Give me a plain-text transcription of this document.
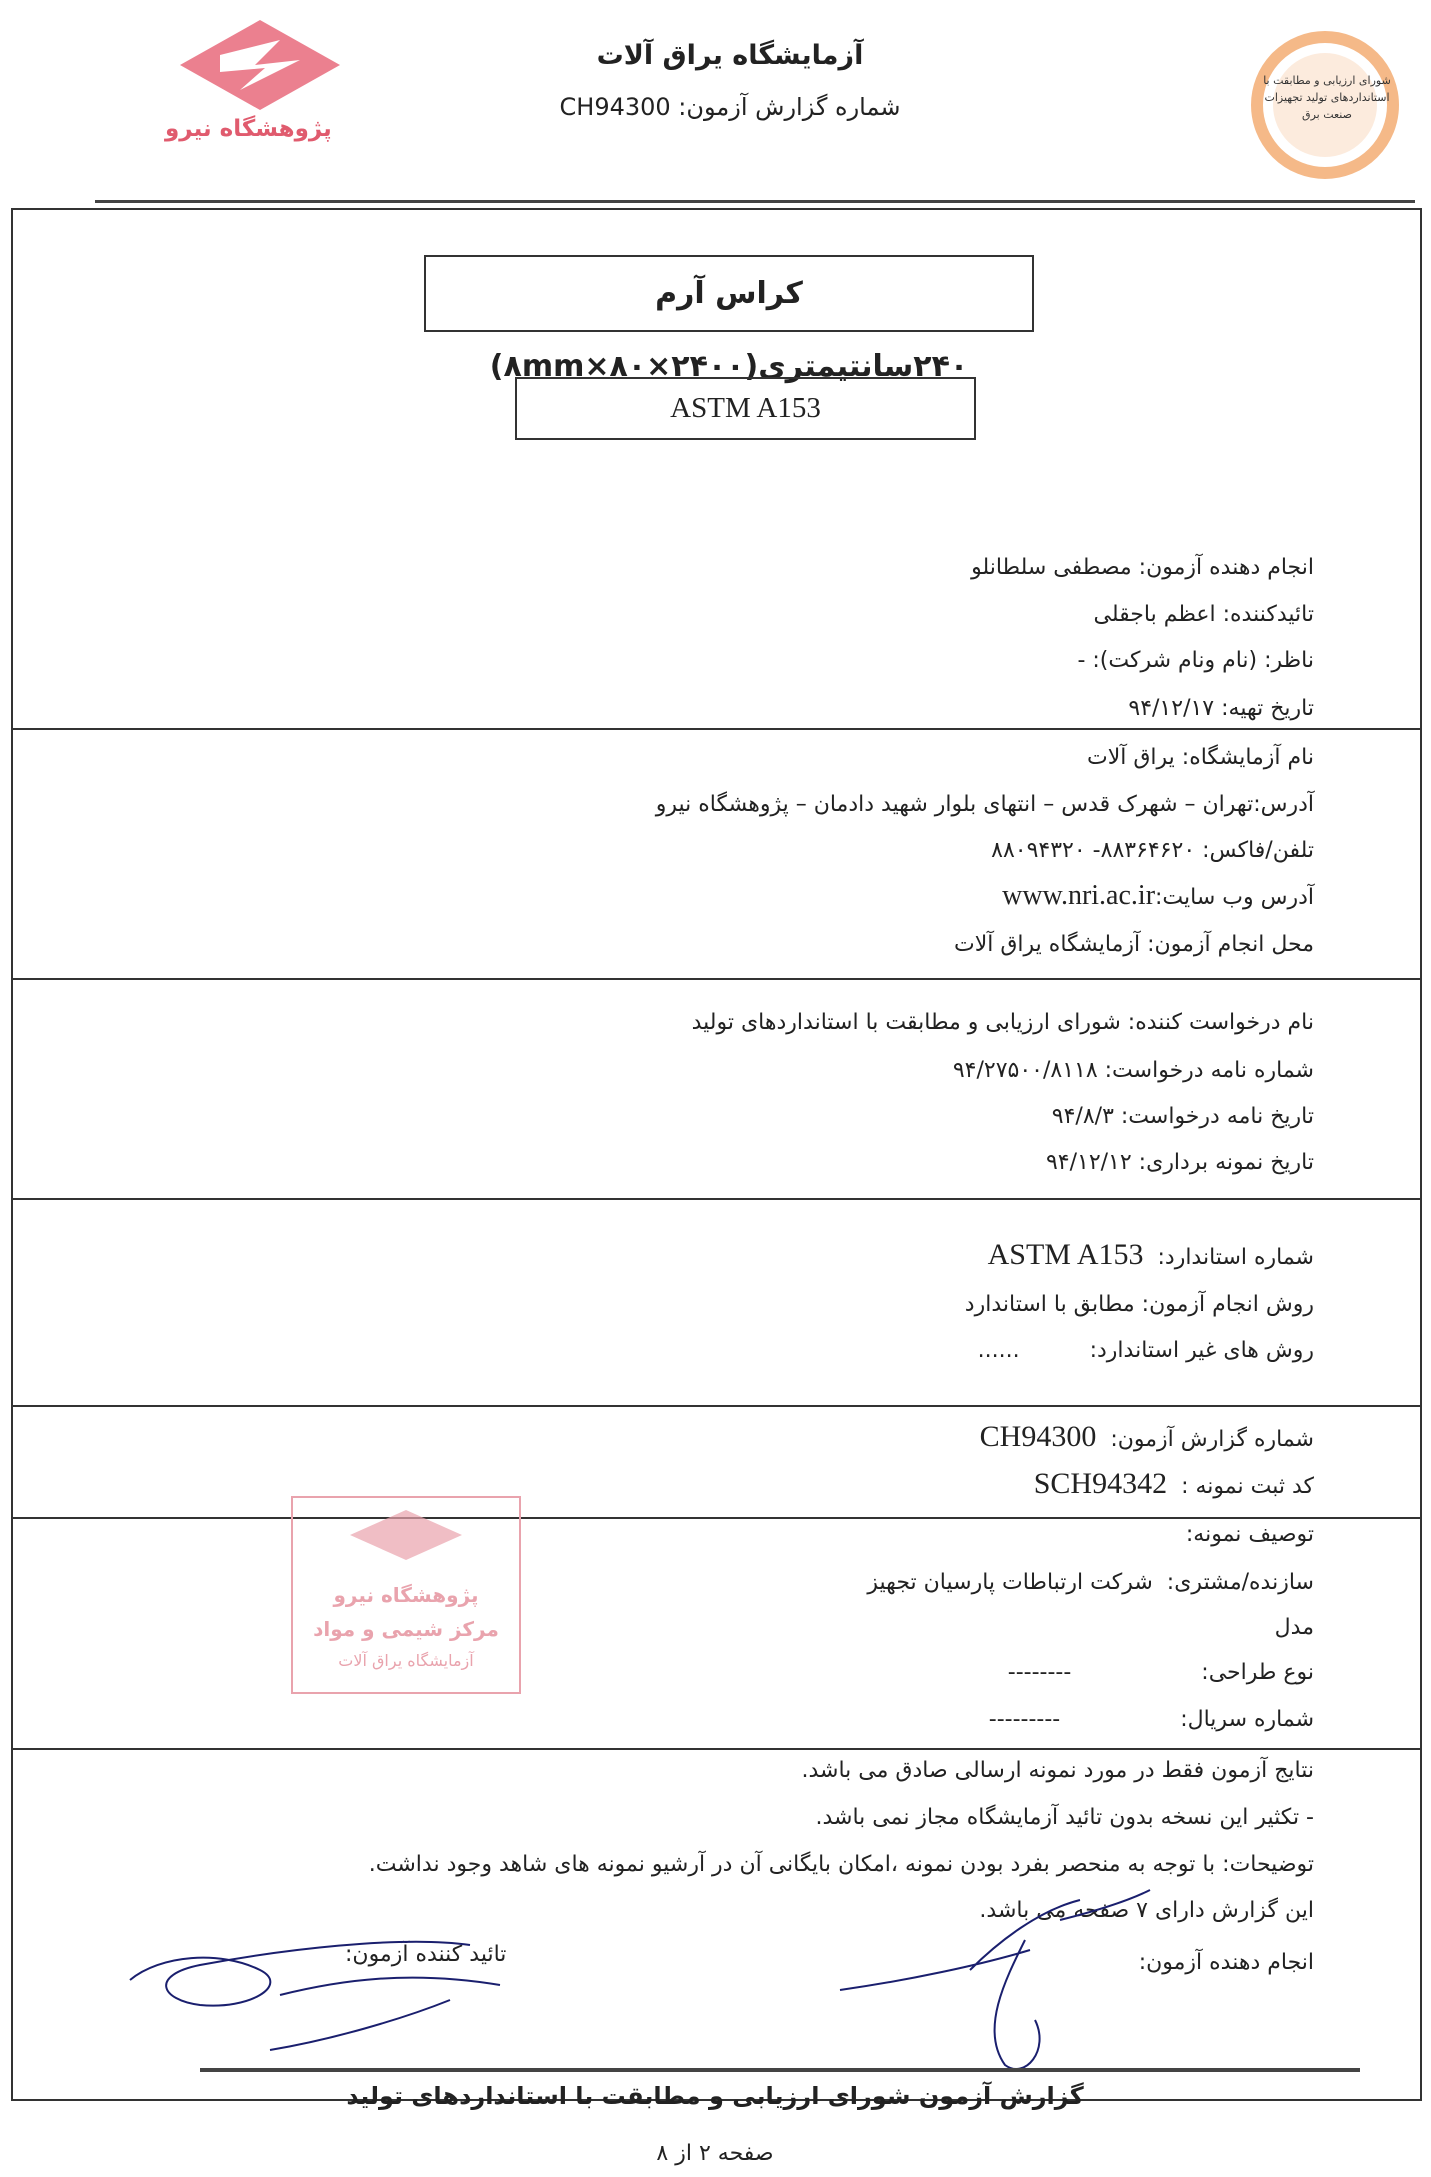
پژوهشگاه نیرو
شورای ارزیابی و مطابقت با
استانداردهای تولید تجهیزات
صنعت برق
آزمایشگاه یراق آلات
شماره گزارش آزمون: CH94300
کراس آرم ۲۴۰سانتیمتری(۲۴۰۰×۸۰×۸mm)
ASTM A153
انجام دهنده آزمون: مصطفی سلطانلو
تائیدکننده: اعظم باجقلی
ناظر: (نام ونام شرکت): -
تاریخ تهیه: ۹۴/۱۲/۱۷
نام آزمایشگاه: یراق آلات
آدرس:تهران – شهرک قدس – انتهای بلوار شهید دادمان – پژوهشگاه نیرو
تلفن/فاکس: ۸۸۳۶۴۶۲۰- ۸۸۰۹۴۳۲۰
آدرس وب سایت:www.nri.ac.ir
محل انجام آزمون: آزمایشگاه یراق آلات
نام درخواست کننده: شورای ارزیابی و مطابقت با استانداردهای تولید
شماره نامه درخواست: ۹۴/۲۷۵۰۰/۸۱۱۸
تاریخ نامه درخواست: ۹۴/۸/۳
تاریخ نمونه برداری: ۹۴/۱۲/۱۲
شماره استاندارد:ASTM A153
روش انجام آزمون: مطابق با استاندارد
روش های غیر استاندارد:......
شماره گزارش آزمون:CH94300
کد ثبت نمونه :SCH94342
توصیف نمونه:
سازنده/مشتری:شرکت ارتباطات پارسیان تجهیز
مدل
نوع طراحی:--------
شماره سریال:---------
نتایج آزمون فقط در مورد نمونه ارسالی صادق می باشد.
- تکثیر این نسخه بدون تائید آزمایشگاه مجاز نمی باشد.
توضیحات: با توجه به منحصر بفرد بودن نمونه ،امکان بایگانی آن در آرشیو نمونه های شاهد وجود نداشت.
این گزارش دارای ۷ صفحه می باشد.
انجام دهنده آزمون:
تائید کننده آزمون:
پژوهشگاه نیرو
مرکز شیمی و مواد
آزمایشگاه یراق آلات
گزارش آزمون شورای ارزیابی و مطابقت با استانداردهای تولید
صفحه ۲ از ۸
